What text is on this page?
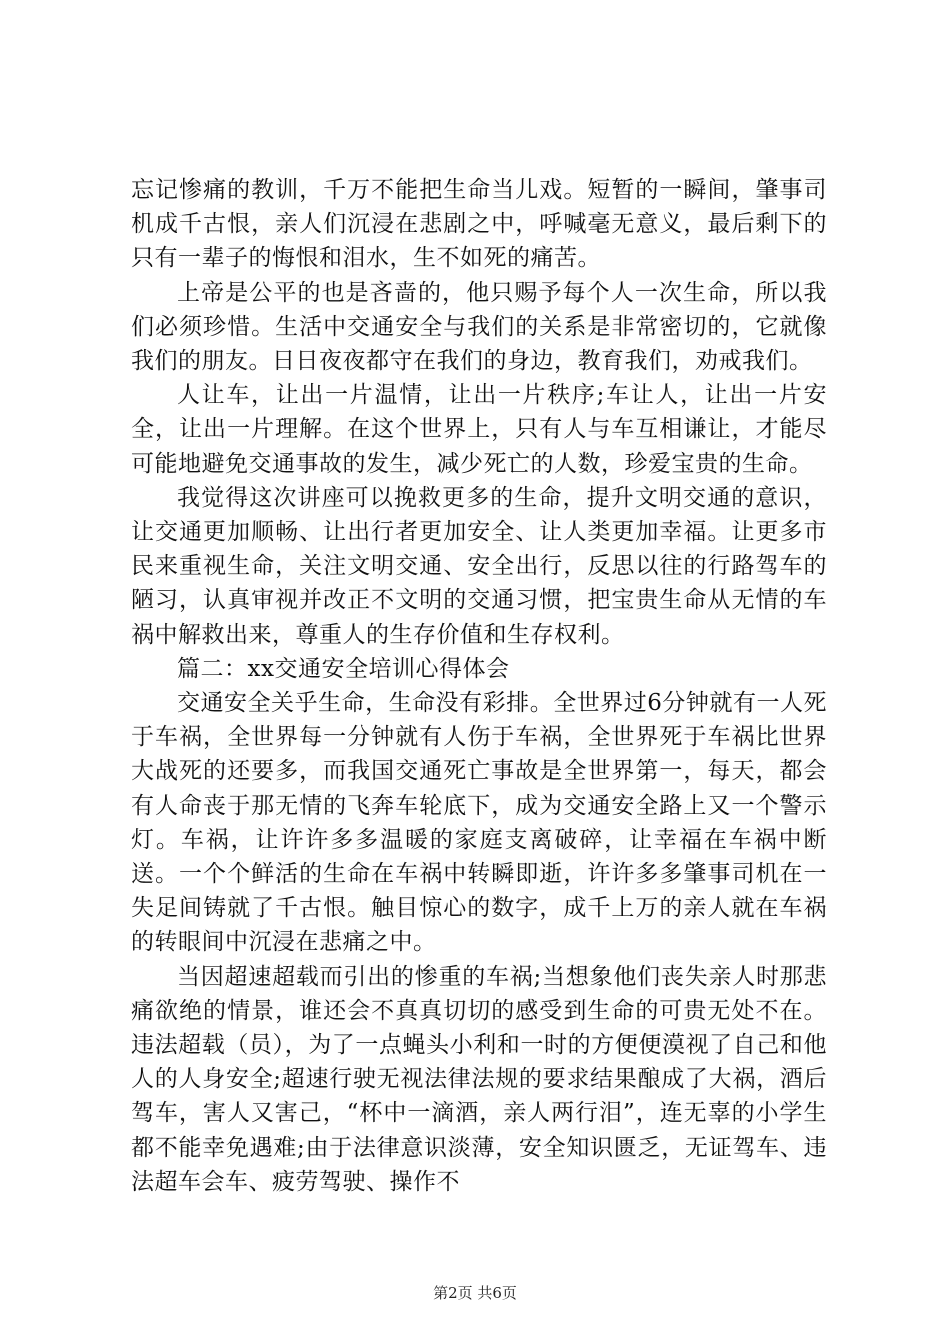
忘记惨痛的教训，千万不能把生命当儿戏。短暂的一瞬间，肇事司机成千古恨，亲人们沉浸在悲剧之中，呼喊毫无意义，最后剩下的只有一辈子的悔恨和泪水，生不如死的痛苦。

上帝是公平的也是吝啬的，他只赐予每个人一次生命，所以我们必须珍惜。生活中交通安全与我们的关系是非常密切的，它就像我们的朋友。日日夜夜都守在我们的身边，教育我们，劝戒我们。

人让车，让出一片温情，让出一片秩序;车让人，让出一片安全，让出一片理解。在这个世界上，只有人与车互相谦让，才能尽可能地避免交通事故的发生，减少死亡的人数，珍爱宝贵的生命。

我觉得这次讲座可以挽救更多的生命，提升文明交通的意识，让交通更加顺畅、让出行者更加安全、让人类更加幸福。让更多市民来重视生命，关注文明交通、安全出行，反思以往的行路驾车的陋习，认真审视并改正不文明的交通习惯，把宝贵生命从无情的车祸中解救出来，尊重人的生存价值和生存权利。

篇二：xx交通安全培训心得体会

交通安全关乎生命，生命没有彩排。全世界过6分钟就有一人死于车祸，全世界每一分钟就有人伤于车祸，全世界死于车祸比世界大战死的还要多，而我国交通死亡事故是全世界第一，每天，都会有人命丧于那无情的飞奔车轮底下，成为交通安全路上又一个警示灯。车祸，让许许多多温暖的家庭支离破碎，让幸福在车祸中断送。一个个鲜活的生命在车祸中转瞬即逝，许许多多肇事司机在一失足间铸就了千古恨。触目惊心的数字，成千上万的亲人就在车祸的转眼间中沉浸在悲痛之中。

当因超速超载而引出的惨重的车祸;当想象他们丧失亲人时那悲痛欲绝的情景，谁还会不真真切切的感受到生命的可贵无处不在。违法超载（员），为了一点蝇头小利和一时的方便便漠视了自己和他人的人身安全;超速行驶无视法律法规的要求结果酿成了大祸，酒后驾车，害人又害己，“杯中一滴酒，亲人两行泪”，连无辜的小学生都不能幸免遇难;由于法律意识淡薄，安全知识匮乏，无证驾车、违法超车会车、疲劳驾驶、操作不

第2页 共6页
